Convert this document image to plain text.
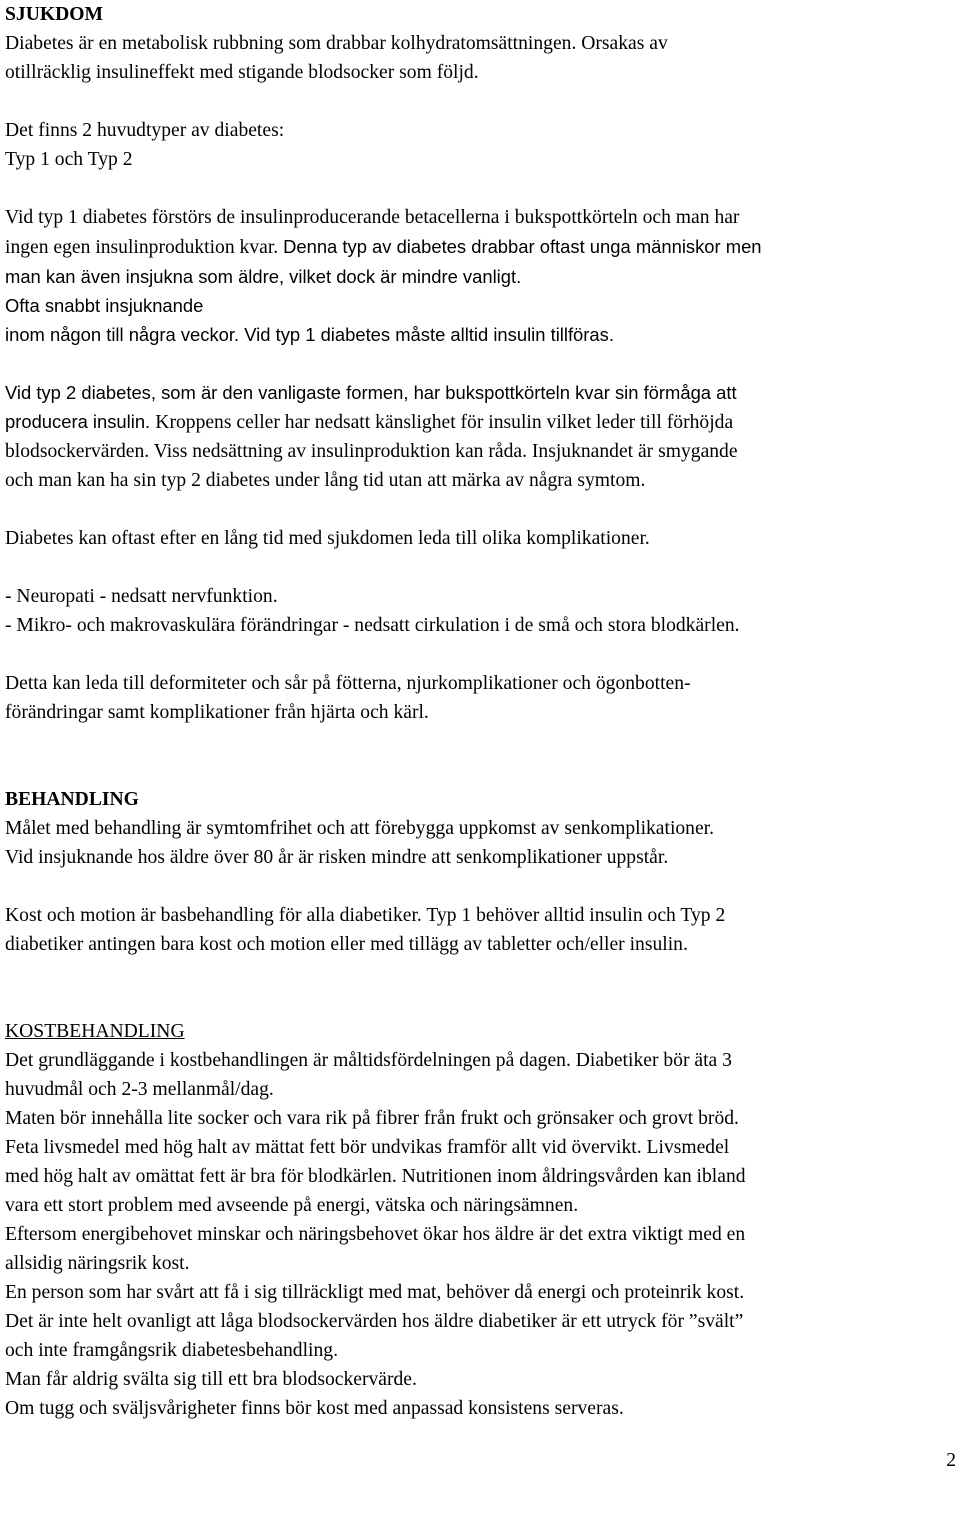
SJUKDOM

Diabetes är en metabolisk rubbning som drabbar kolhydratomsättningen. Orsakas av
otillräcklig insulineffekt med stigande blodsocker som följd.

Det finns 2 huvudtyper av diabetes:
Typ 1 och Typ 2

Vid typ 1 diabetes förstörs de insulinproducerande betacellerna i bukspottkörteln och man har
ingen egen insulinproduktion kvar. Denna typ av diabetes drabbar oftast unga människor men
man kan även insjukna som äldre, vilket dock är mindre vanligt.
Ofta snabbt insjuknande
inom någon till några veckor. Vid typ 1 diabetes måste alltid insulin tillföras.

Vid typ 2 diabetes, som är den vanligaste formen, har bukspottkörteln kvar sin förmåga att
producera insulin. Kroppens celler har nedsatt känslighet för insulin vilket leder till förhöjda
blodsockervärden. Viss nedsättning av insulinproduktion kan råda. Insjuknandet är smygande
och man kan ha sin typ 2 diabetes under lång tid utan att märka av några symtom.

Diabetes kan oftast efter en lång tid med sjukdomen leda till olika komplikationer.

- Neuropati - nedsatt nervfunktion.
- Mikro- och makrovaskulära förändringar - nedsatt cirkulation i de små och stora blodkärlen.

Detta kan leda till deformiteter och sår på fötterna, njurkomplikationer och ögonbotten-
förändringar samt komplikationer från hjärta och kärl.

BEHANDLING

Målet med behandling är symtomfrihet och att förebygga uppkomst av senkomplikationer.
Vid insjuknande hos äldre över 80 år är risken mindre att senkomplikationer uppstår.

Kost och motion är basbehandling för alla diabetiker. Typ 1 behöver alltid insulin och Typ 2
diabetiker antingen bara kost och motion eller med tillägg av tabletter och/eller insulin.

KOSTBEHANDLING

Det grundläggande i kostbehandlingen är måltidsfördelningen på dagen. Diabetiker bör äta 3
huvudmål och 2-3 mellanmål/dag.
Maten bör innehålla lite socker och vara rik på fibrer från frukt och grönsaker och grovt bröd.
Feta livsmedel med hög halt av mättat fett bör undvikas framför allt vid övervikt. Livsmedel
med hög halt av omättat fett är bra för blodkärlen. Nutritionen inom åldringsvården kan ibland
vara ett stort problem med avseende på energi, vätska och näringsämnen.
Eftersom energibehovet minskar och näringsbehovet ökar hos äldre är det extra viktigt med en
allsidig näringsrik kost.
En person som har svårt att få i sig tillräckligt med mat, behöver då energi och proteinrik kost.
Det är inte helt ovanligt att låga blodsockervärden hos äldre diabetiker är ett utryck för ”svält”
och inte framgångsrik diabetesbehandling.
Man får aldrig svälta sig till ett bra blodsockervärde.
Om tugg och sväljsvårigheter finns bör kost med anpassad konsistens serveras.

2
